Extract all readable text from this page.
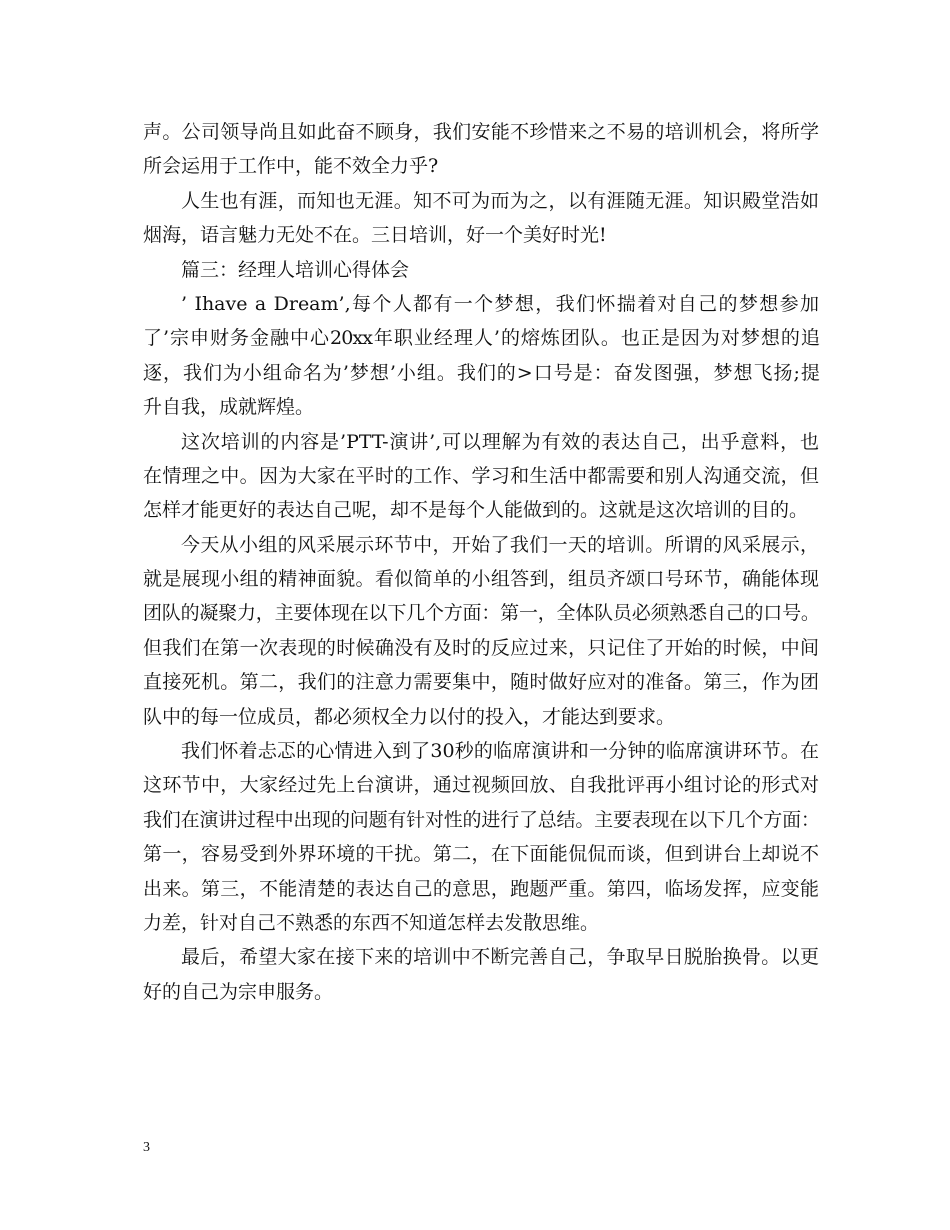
声。公司领导尚且如此奋不顾身，我们安能不珍惜来之不易的培训机会，将所学
所会运用于工作中，能不效全力乎?
人生也有涯，而知也无涯。知不可为而为之，以有涯随无涯。知识殿堂浩如
烟海，语言魅力无处不在。三日培训，好一个美好时光!
篇三：经理人培训心得体会
’ Ihave a Dream’,每个人都有一个梦想，我们怀揣着对自己的梦想参加
了’宗申财务金融中心20xx年职业经理人’的熔炼团队。也正是因为对梦想的追
逐，我们为小组命名为’梦想’小组。我们的>口号是：奋发图强，梦想飞扬;提
升自我，成就辉煌。
这次培训的内容是’PTT-演讲’,可以理解为有效的表达自己，出乎意料，也
在情理之中。因为大家在平时的工作、学习和生活中都需要和别人沟通交流，但
怎样才能更好的表达自己呢，却不是每个人能做到的。这就是这次培训的目的。
今天从小组的风采展示环节中，开始了我们一天的培训。所谓的风采展示，
就是展现小组的精神面貌。看似简单的小组答到，组员齐颂口号环节，确能体现
团队的凝聚力，主要体现在以下几个方面：第一，全体队员必须熟悉自己的口号。
但我们在第一次表现的时候确没有及时的反应过来，只记住了开始的时候，中间
直接死机。第二，我们的注意力需要集中，随时做好应对的准备。第三，作为团
队中的每一位成员，都必须权全力以付的投入，才能达到要求。
我们怀着忐忑的心情进入到了30秒的临席演讲和一分钟的临席演讲环节。在
这环节中，大家经过先上台演讲，通过视频回放、自我批评再小组讨论的形式对
我们在演讲过程中出现的问题有针对性的进行了总结。主要表现在以下几个方面：
第一，容易受到外界环境的干扰。第二，在下面能侃侃而谈，但到讲台上却说不
出来。第三，不能清楚的表达自己的意思，跑题严重。第四，临场发挥，应变能
力差，针对自己不熟悉的东西不知道怎样去发散思维。
最后，希望大家在接下来的培训中不断完善自己，争取早日脱胎换骨。以更
好的自己为宗申服务。
3
